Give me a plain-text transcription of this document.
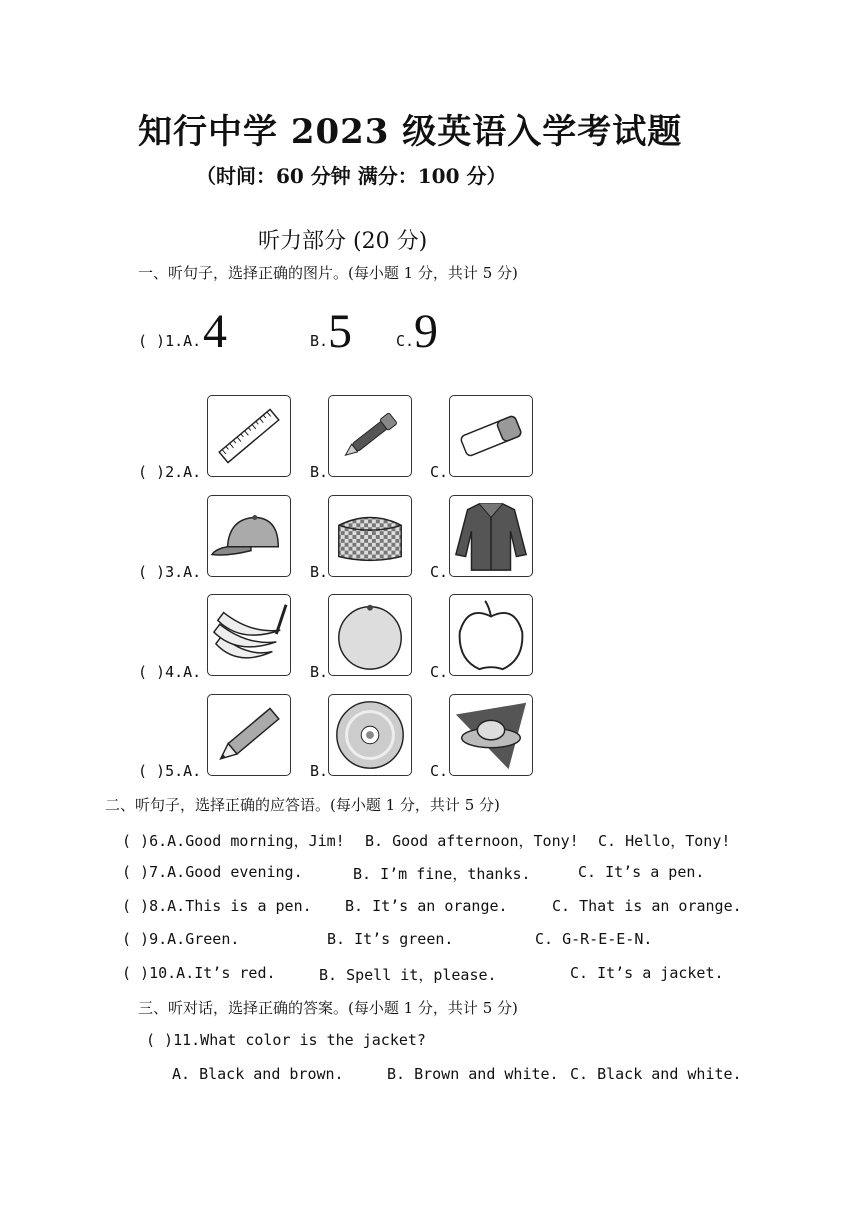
知行中学 2023 级英语入学考试题
（时间：60 分钟 满分：100 分）
听力部分 (20 分)
一、听句子，选择正确的图片。(每小题 1 分，共计 5 分)
( )1.A. 4	B. 5	C. 9
( )2.A.	B.	C.
( )3.A.	B.	C.
( )4.A.	B.	C.
( )5.A.	B.	C.
二、听句子，选择正确的应答语。(每小题 1 分，共计 5 分)
( )6.A.Good morning，Jim! B. Good afternoon，Tony! C. Hello，Tony!
( )7.A.Good evening.	B. I’m fine，thanks.	C. It’s a pen.
( )8.A.This is a pen. B. It’s an orange.	C. That is an orange.
( )9.A.Green.	B. It’s green.	C. G-R-E-E-N.
( )10.A.It’s red.	B. Spell it，please.	C. It’s a jacket.
三、听对话，选择正确的答案。(每小题 1 分，共计 5 分)
( )11.What color is the jacket?
A. Black and brown.	B. Brown and white. C. Black and white.
